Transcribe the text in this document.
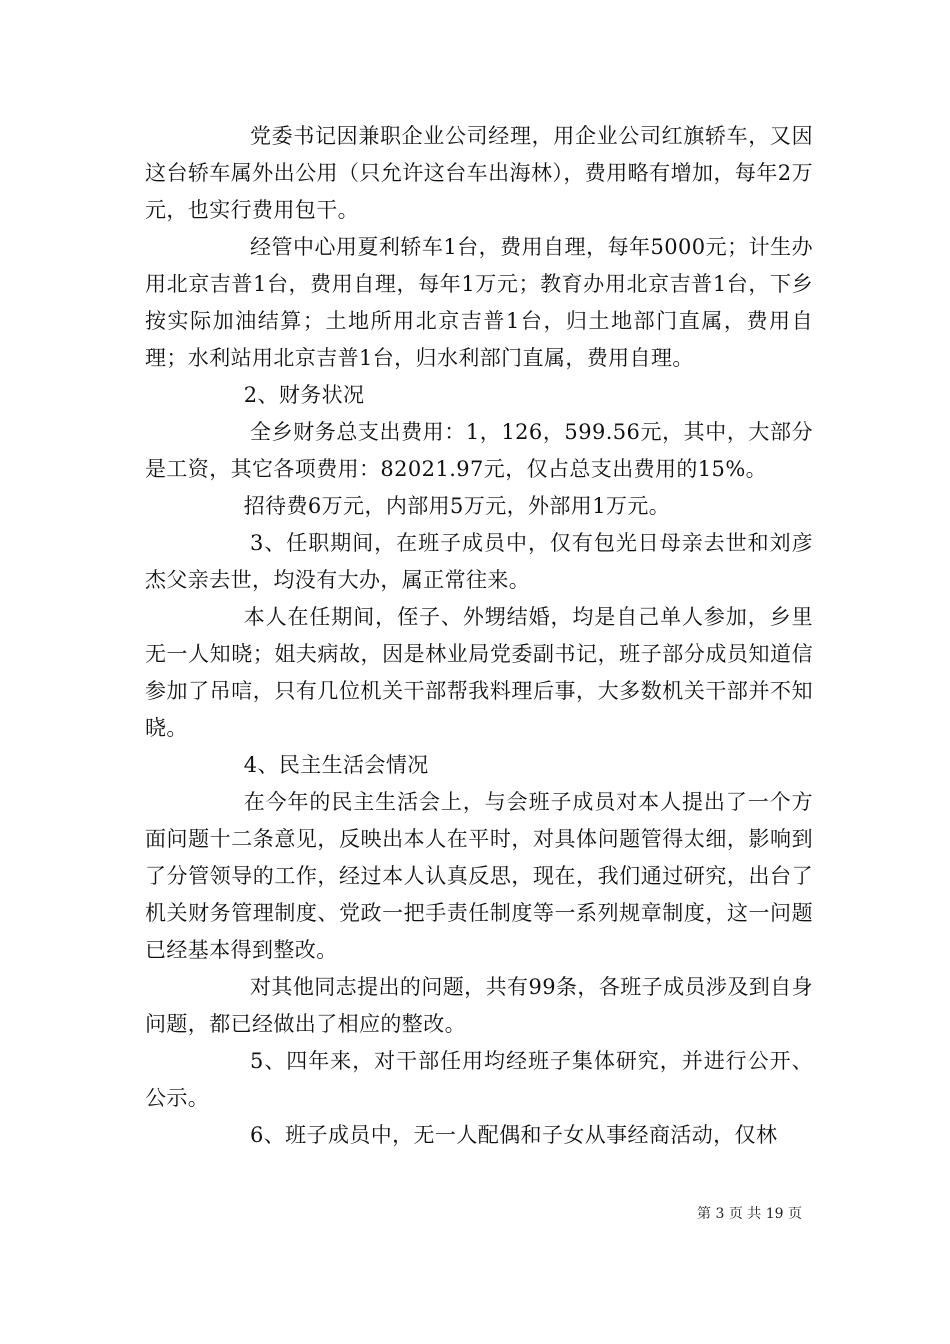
党委书记因兼职企业公司经理，用企业公司红旗轿车，又因这台轿车属外出公用（只允许这台车出海林），费用略有增加，每年2万元，也实行费用包干。

经管中心用夏利轿车1台，费用自理，每年5000元；计生办用北京吉普1台，费用自理，每年1万元；教育办用北京吉普1台，下乡按实际加油结算；土地所用北京吉普1台，归土地部门直属，费用自理；水利站用北京吉普1台，归水利部门直属，费用自理。

2、财务状况

全乡财务总支出费用：1，126，599.56元，其中，大部分是工资，其它各项费用：82021.97元，仅占总支出费用的15%。

招待费6万元，内部用5万元，外部用1万元。

3、任职期间，在班子成员中，仅有包光日母亲去世和刘彦杰父亲去世，均没有大办，属正常往来。

本人在任期间，侄子、外甥结婚，均是自己单人参加，乡里无一人知晓；姐夫病故，因是林业局党委副书记，班子部分成员知道信参加了吊唁，只有几位机关干部帮我料理后事，大多数机关干部并不知晓。

4、民主生活会情况

在今年的民主生活会上，与会班子成员对本人提出了一个方面问题十二条意见，反映出本人在平时，对具体问题管得太细，影响到了分管领导的工作，经过本人认真反思，现在，我们通过研究，出台了机关财务管理制度、党政一把手责任制度等一系列规章制度，这一问题已经基本得到整改。

对其他同志提出的问题，共有99条，各班子成员涉及到自身问题，都已经做出了相应的整改。

5、四年来，对干部任用均经班子集体研究，并进行公开、公示。

6、班子成员中，无一人配偶和子女从事经商活动，仅林

第 3 页 共 19 页
